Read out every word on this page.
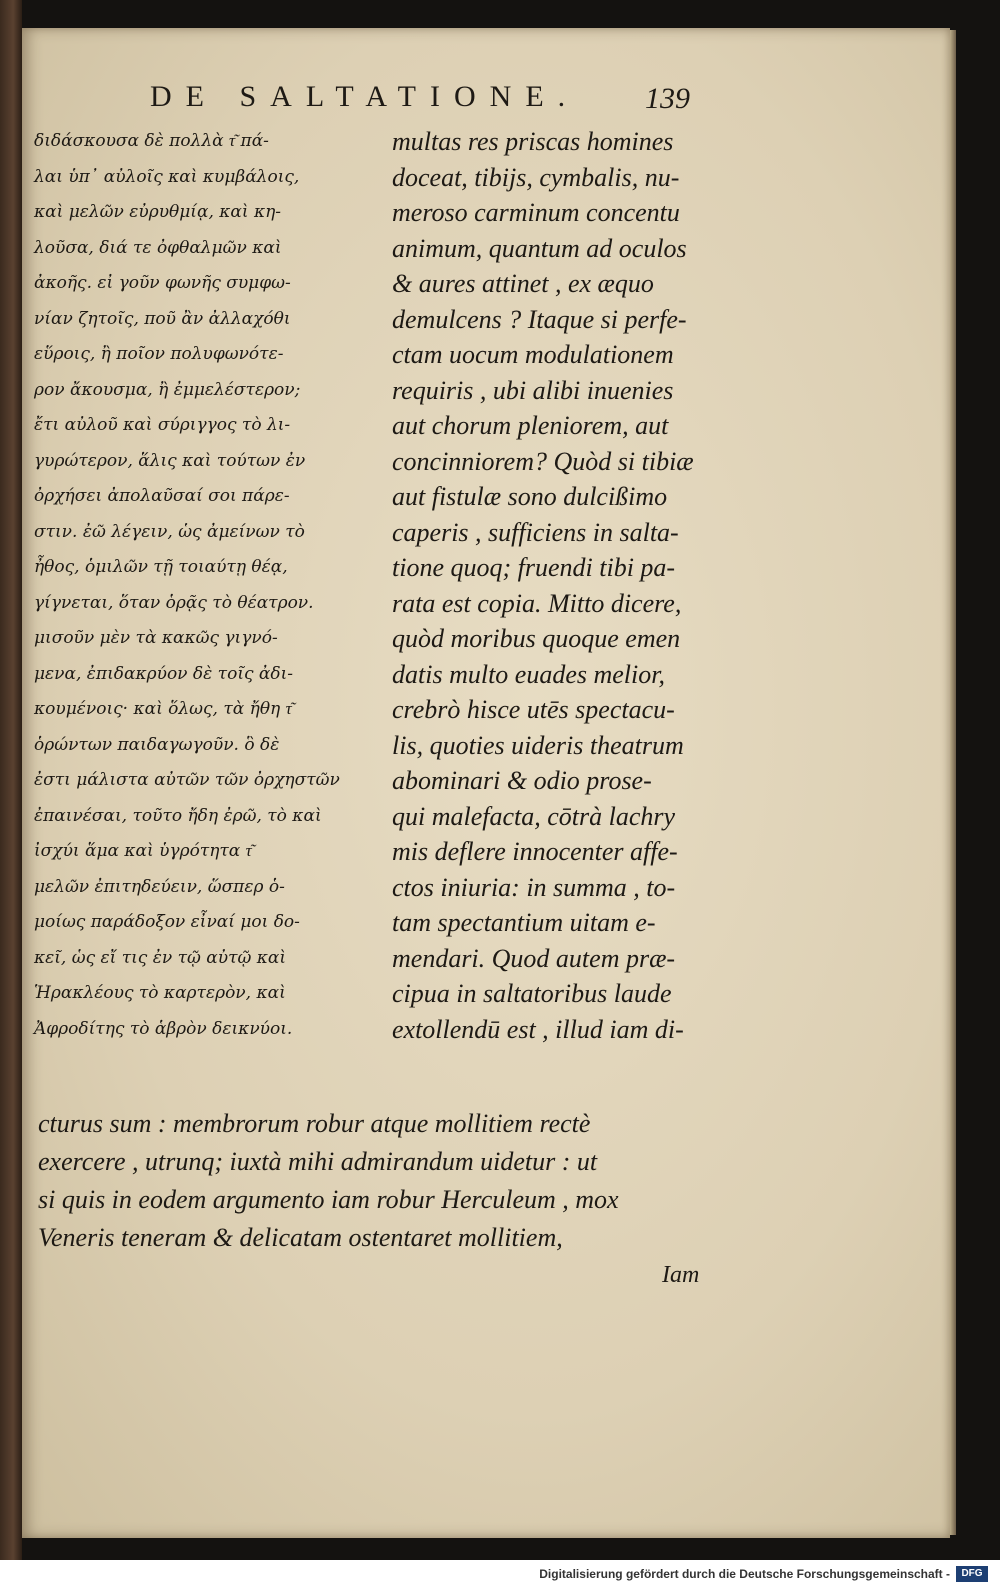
DE SALTATIONE.	139
διδάσκουσα δὲ πολλὰ τ͂ πά-
λαι ὑπ᾽ αὐλοῖς καὶ κυμβάλοις,
καὶ μελῶν εὐρυθμίᾳ, καὶ κη-
λοῦσα, διά τε ὀφθαλμῶν καὶ
ἀκοῆς. εἰ γοῦν φωνῆς συμφω-
νίαν ζητοῖς, ποῦ ἂν ἀλλαχόθι
εὕροις, ἢ ποῖον πολυφωνότε-
ρον ἄκουσμα, ἢ ἐμμελέστερον;
ἔτι αὐλοῦ καὶ σύριγγος τὸ λι-
γυρώτερον, ἅλις καὶ τούτων ἐν
ὀρχήσει ἀπολαῦσαί σοι πάρε-
στιν. ἐῶ λέγειν, ὡς ἀμείνων τὸ
ἦθος, ὁμιλῶν τῇ τοιαύτῃ θέᾳ,
γίγνεται, ὅταν ὁρᾷς τὸ θέατρον.
μισοῦν μὲν τὰ κακῶς γιγνό-
μενα, ἐπιδακρύον δὲ τοῖς ἀδι-
κουμένοις· καὶ ὅλως, τὰ ἤθη τ͂
ὁρώντων παιδαγωγοῦν. ὃ δὲ
ἐστι μάλιστα αὐτῶν τῶν ὀρχηστῶν
ἐπαινέσαι, τοῦτο ἤδη ἐρῶ, τὸ καὶ
ἰσχύι ἅμα καὶ ὑγρότητα τ͂
μελῶν ἐπιτηδεύειν, ὥσπερ ὁ-
μοίως παράδοξον εἶναί μοι δο-
κεῖ, ὡς εἴ τις ἐν τῷ αὐτῷ καὶ
Ἡρακλέους τὸ καρτερὸν, καὶ
Ἀφροδίτης τὸ ἁβρὸν δεικνύοι.
multas res priscas homines
doceat, tibijs, cymbalis, nu-
meroso carminum concentu
animum, quantum ad oculos
& aures attinet , ex æquo
demulcens ? Itaque si perfe-
ctam uocum modulationem
requiris , ubi alibi inuenies
aut chorum pleniorem, aut
concinniorem? Quòd si tibiæ
aut fistulæ sono dulcißimo
caperis , sufficiens in salta-
tione quoq; fruendi tibi pa-
rata est copia. Mitto dicere,
quòd moribus quoque emen
datis multo euades melior,
crebrò hisce utēs spectacu-
lis, quoties uideris theatrum
abominari & odio prose-
qui malefacta, cōtrà lachry
mis deflere innocenter affe-
ctos iniuria: in summa , to-
tam spectantium uitam e-
mendari. Quod autem præ-
cipua in saltatoribus laude
extollendū est , illud iam di-
cturus sum : membrorum robur atque mollitiem rectè
exercere , utrunq; iuxtà mihi admirandum uidetur : ut
si quis in eodem argumento iam robur Herculeum , mox
Veneris teneram & delicatam ostentaret mollitiem,
Iam
Digitalisierung gefördert durch die Deutsche Forschungsgemeinschaft -	DFG
